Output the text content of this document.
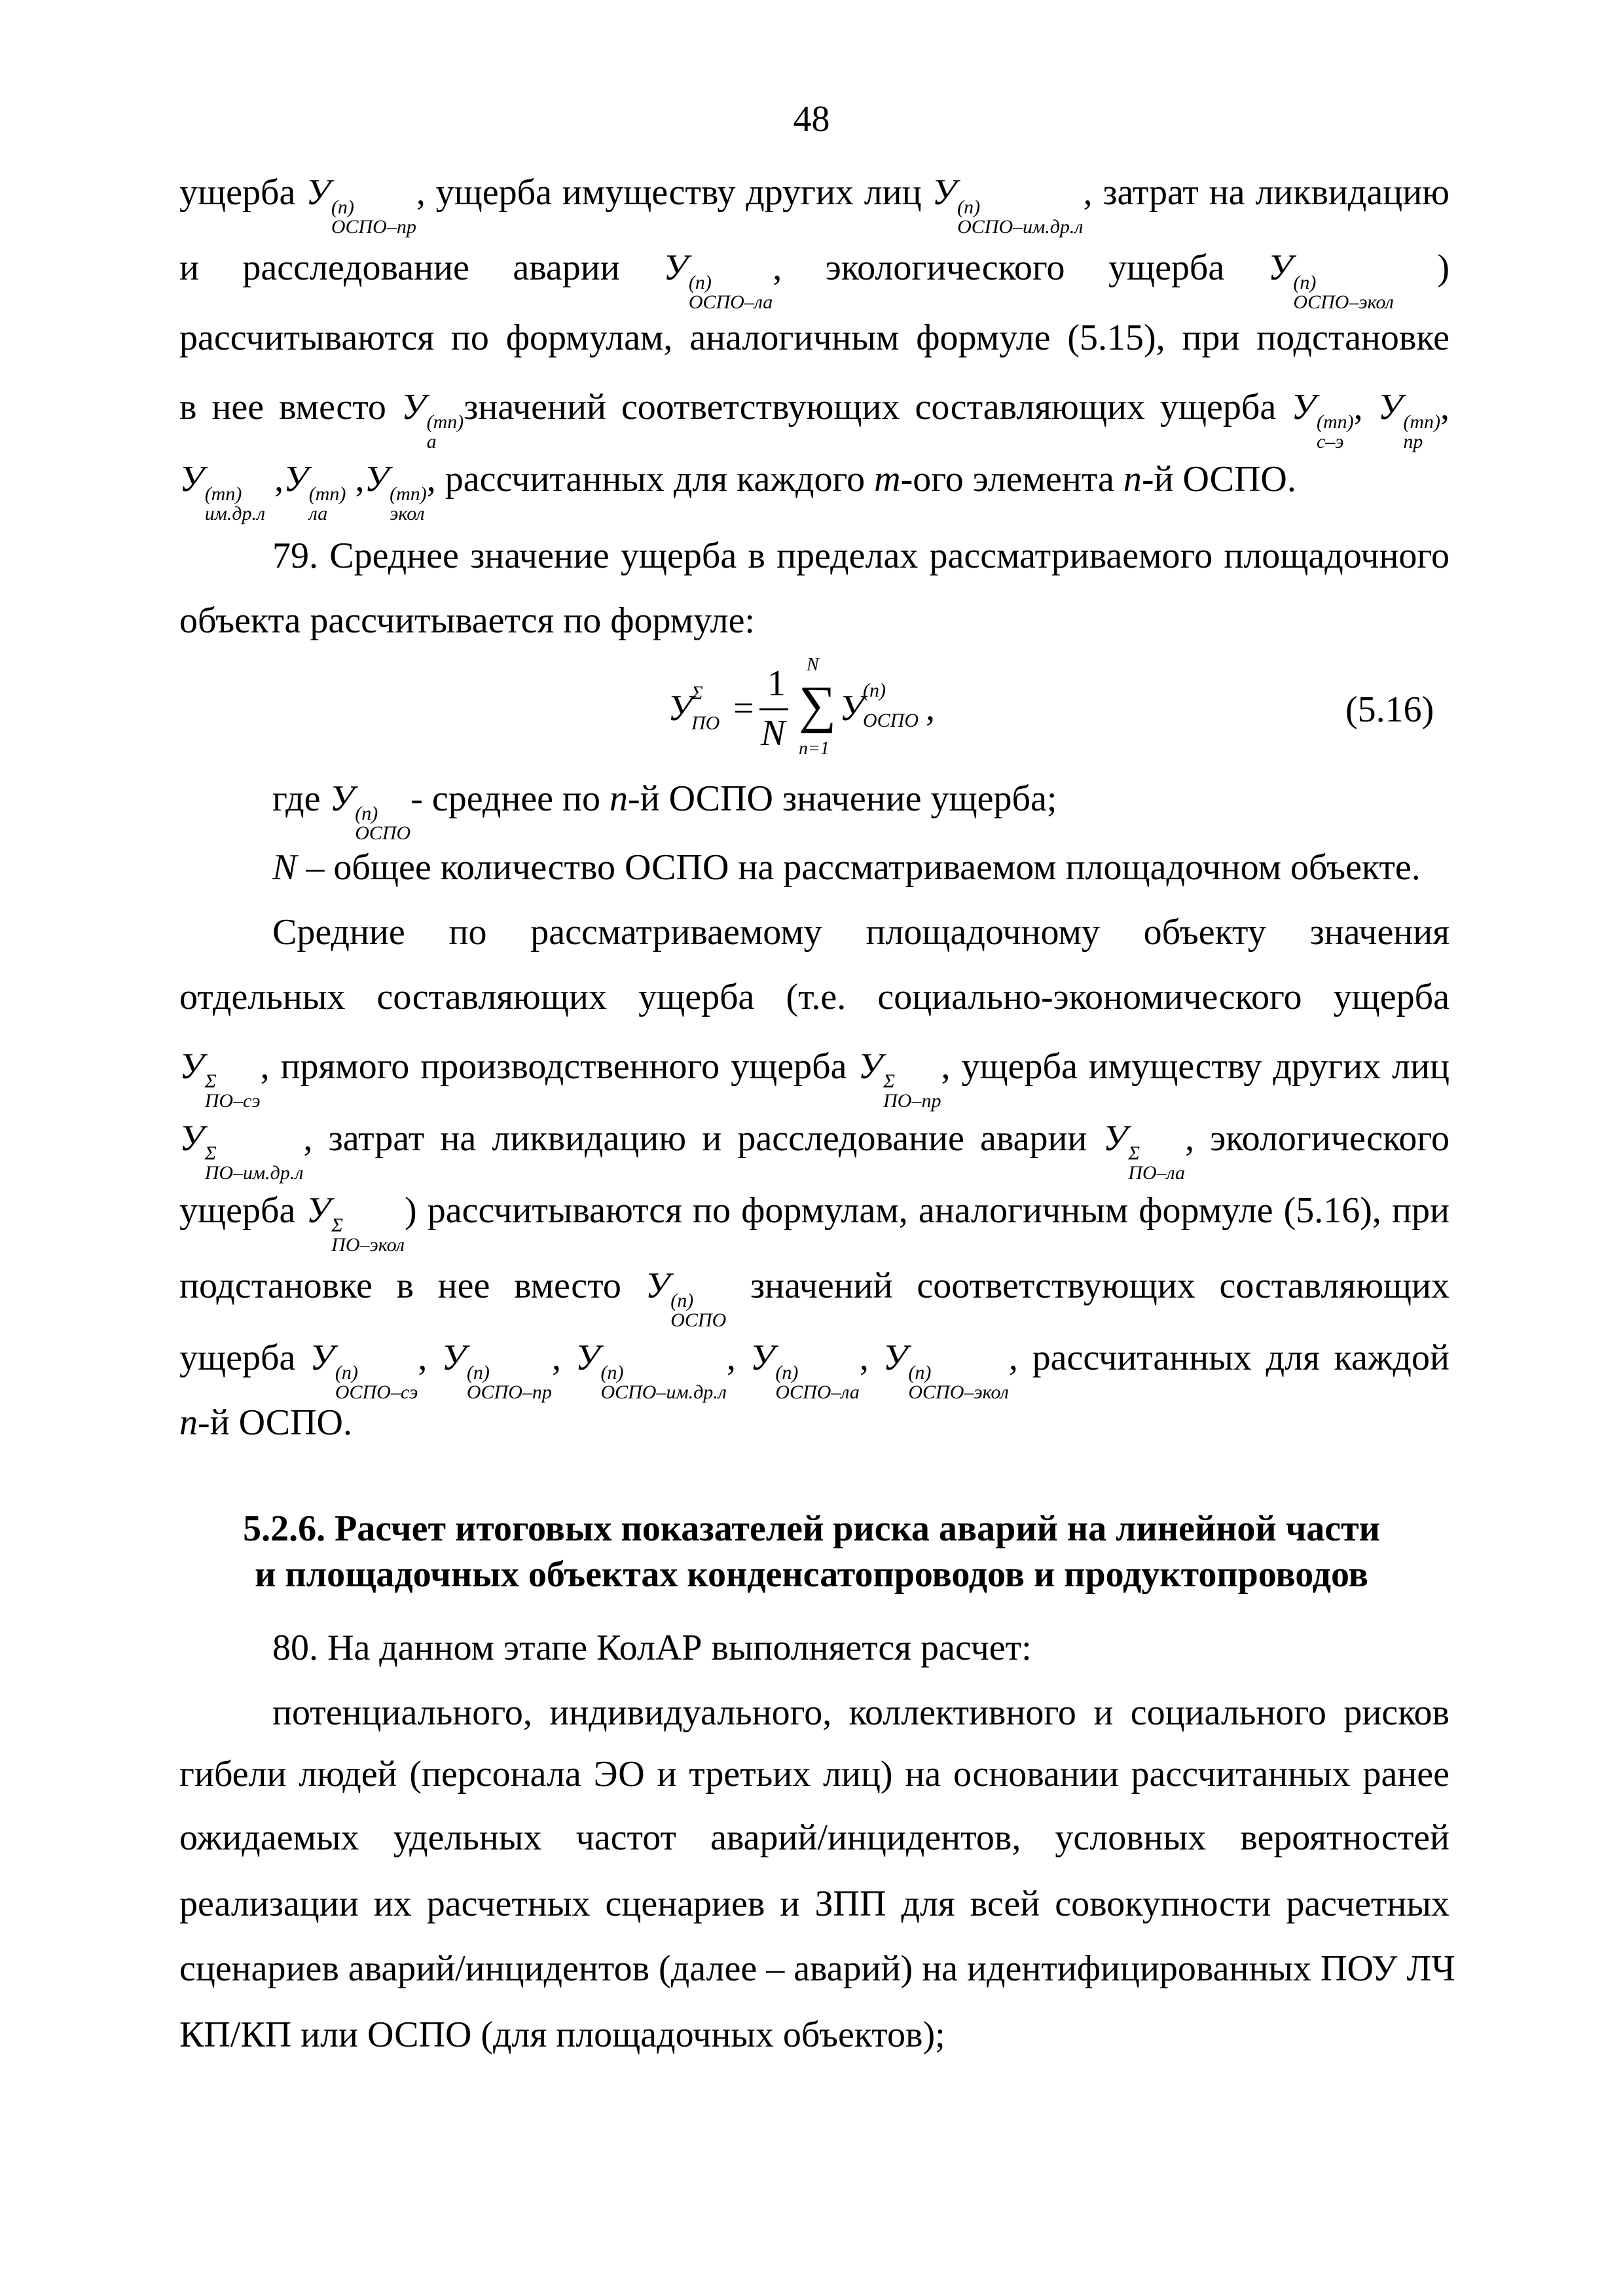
48
ущерба У (n)
ОСПО–пр
, ущерба имуществу других лиц У (n)
ОСПО–им.др.л
, затрат на ликвидацию
и расследование аварии У (n)
ОСПО–ла
, экологического ущерба У (n)
ОСПО–экол
)
рассчитываются по формулам, аналогичным формуле (5.15), при подстановке
в нее вместо У (mn)
а
значений соответствующих составляющих ущерба У (mn)
с–э
, У (mn)
пр
,
У (mn)
им.др.л
,У (mn)
ла
,У (mn)
экол
, рассчитанных для каждого m-ого элемента n-й ОСПО.
79. Среднее значение ущерба в пределах рассматриваемого площадочного
объекта рассчитывается по формуле:
где У (n)
ОСПО
- среднее по n-й ОСПО значение ущерба;
N – общее количество ОСПО на рассматриваемом площадочном объекте.
Средние по рассматриваемому площадочному объекту значения
отдельных составляющих ущерба (т.е. социально-экономического ущерба
У Σ
ПО–сэ
, прямого производственного ущерба У Σ
ПО–пр
, ущерба имуществу других лиц
У Σ
ПО–им.др.л
, затрат на ликвидацию и расследование аварии У Σ
ПО–ла
, экологического
ущерба У Σ
ПО–экол
) рассчитываются по формулам, аналогичным формуле (5.16), при
подстановке в нее вместо У (n)
ОСПО
значений соответствующих составляющих
ущерба У (n)
ОСПО–сэ
, У (n)
ОСПО–пр
, У (n)
ОСПО–им.др.л
, У (n)
ОСПО–ла
, У (n)
ОСПО–экол
, рассчитанных для каждой
n-й ОСПО.
80. На данном этапе КолАР выполняется расчет:
потенциального, индивидуального, коллективного и социального рисков
гибели людей (персонала ЭО и третьих лиц) на основании рассчитанных ранее
ожидаемых удельных частот аварий/инцидентов, условных вероятностей
реализации их расчетных сценариев и ЗПП для всей совокупности расчетных
сценариев аварий/инцидентов (далее – аварий) на идентифицированных ПОУ ЛЧ
КП/КП или ОСПО (для площадочных объектов);
У
Σ
ПО =
1
N ∑
N
n=1
У
(n)
ОСПО ,	(5.16)
5.2.6. Расчет итоговых показателей риска аварий на линейной части
и площадочных объектах конденсатопроводов и продуктопроводов
